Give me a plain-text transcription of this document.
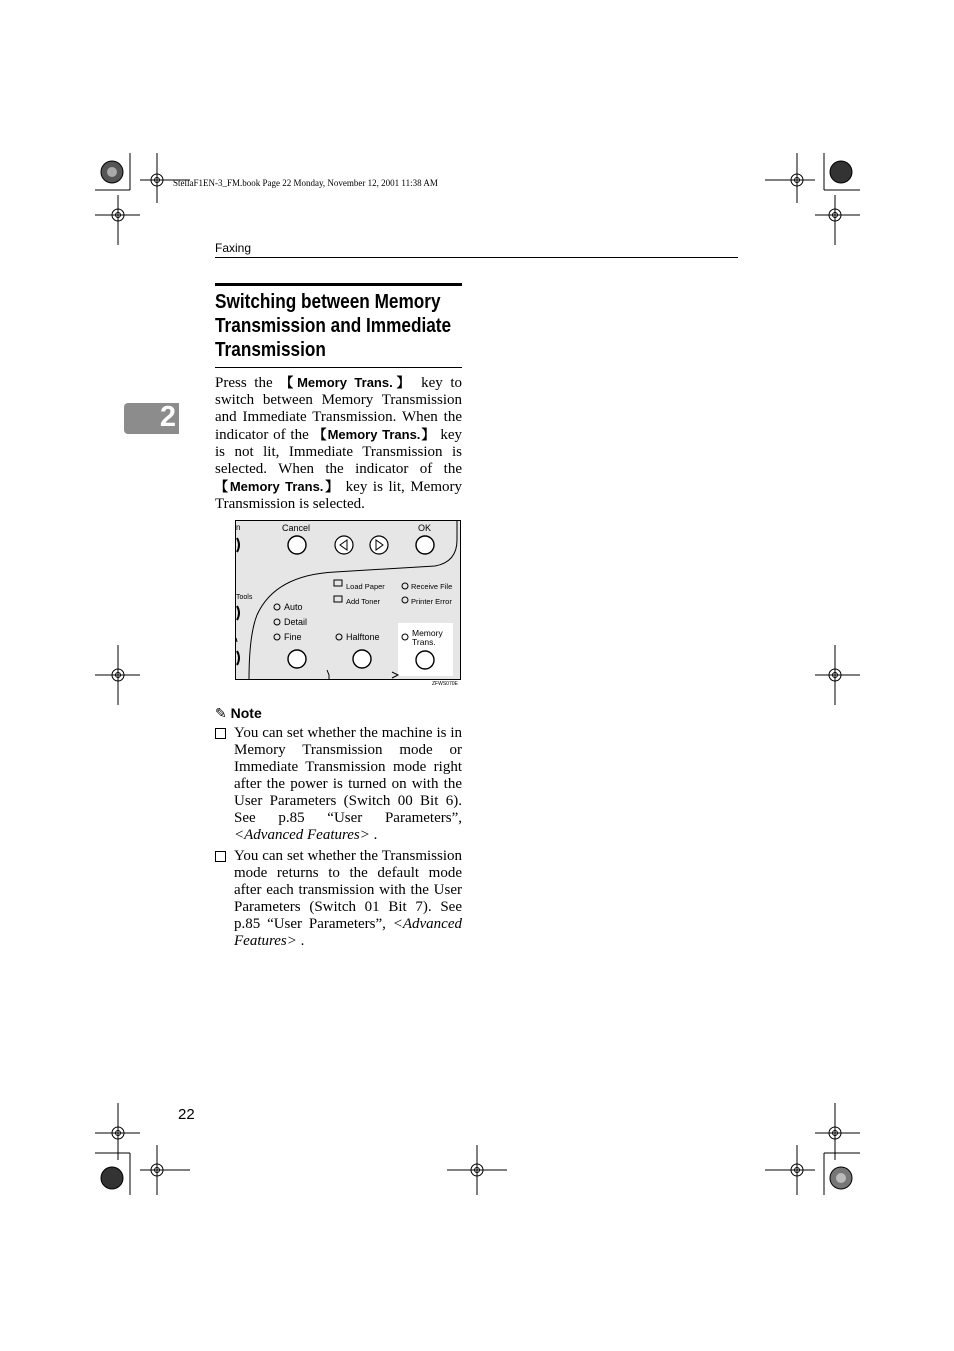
StellaF1EN-3_FM.book Page 22 Monday, November 12, 2001 11:38 AM
Faxing
2
Switching between Memory Transmission and Immediate Transmission
Press the 【Memory Trans.】 key to switch between Memory Transmission and Immediate Transmission. When the indicator of the 【Memory Trans.】 key is not lit, Immediate Transmission is selected. When the indicator of the 【Memory Trans.】 key is lit, Memory Transmission is selected.
n	Cancel	OK
Tools
Load Paper
Add Toner
Receive File
Printer Error
Auto
Detail
Fine	Halftone	Memory
Trans.
ZFWS070E
✎ Note
You can set whether the machine is in Memory Transmission mode or Immediate Transmission mode right after the power is turned on with the User Parameters (Switch 00 Bit 6). See p.85 “User Parameters”, <Advanced Features> .
You can set whether the Transmission mode returns to the default mode after each transmission with the User Parameters (Switch 01 Bit 7). See p.85 “User Parameters”, <Advanced Features> .
22
